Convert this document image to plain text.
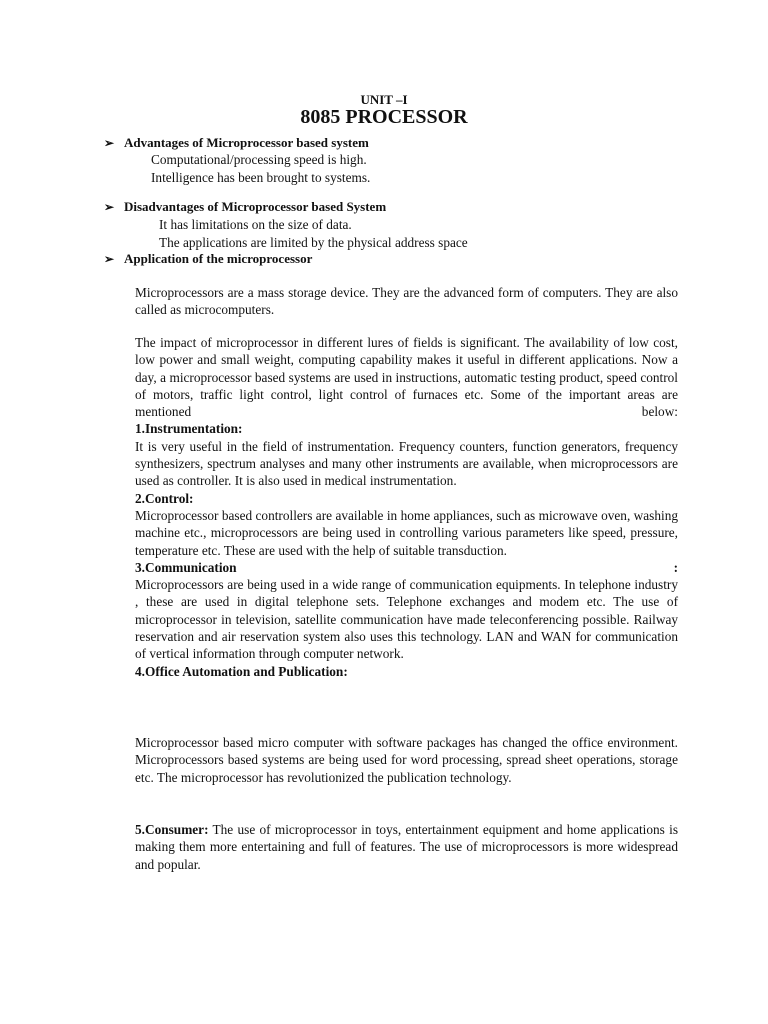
UNIT –I
8085 PROCESSOR
➢ Advantages of Microprocessor based system
Computational/processing speed is high.
Intelligence has been brought to systems.
➢ Disadvantages of Microprocessor based System
It has limitations on the size of data.
The applications are limited by the physical address space
➢ Application of the microprocessor

Microprocessors are a mass storage device. They are the advanced form of computers. They are also called as microcomputers.

The impact of microprocessor in different lures of fields is significant. The availability of low cost, low power and small weight, computing capability makes it useful in different applications. Now a day, a microprocessor based systems are used in instructions, automatic testing product, speed control of motors, traffic light control, light control of furnaces etc. Some of the important areas are mentioned below:

1.Instrumentation:

It is very useful in the field of instrumentation. Frequency counters, function generators, frequency synthesizers, spectrum analyses and many other instruments are available, when microprocessors are used as controller. It is also used in medical instrumentation.

2.Control:

Microprocessor based controllers are available in home appliances, such as microwave oven, washing machine etc., microprocessors are being used in controlling various parameters like speed, pressure, temperature etc. These are used with the help of suitable transduction.

3.Communication	:

Microprocessors are being used in a wide range of communication equipments. In telephone industry , these are used in digital telephone sets. Telephone exchanges and modem etc. The use of microprocessor in television, satellite communication have made teleconferencing possible. Railway reservation and air reservation system also uses this technology. LAN and WAN for communication of vertical information through computer network.

4.Office Automation and Publication:

Microprocessor based micro computer with software packages has changed the office environment. Microprocessors based systems are being used for word processing, spread sheet operations, storage etc. The microprocessor has revolutionized the publication technology.

5.Consumer: The use of microprocessor in toys, entertainment equipment and home applications is making them more entertaining and full of features. The use of microprocessors is more widespread and popular.
